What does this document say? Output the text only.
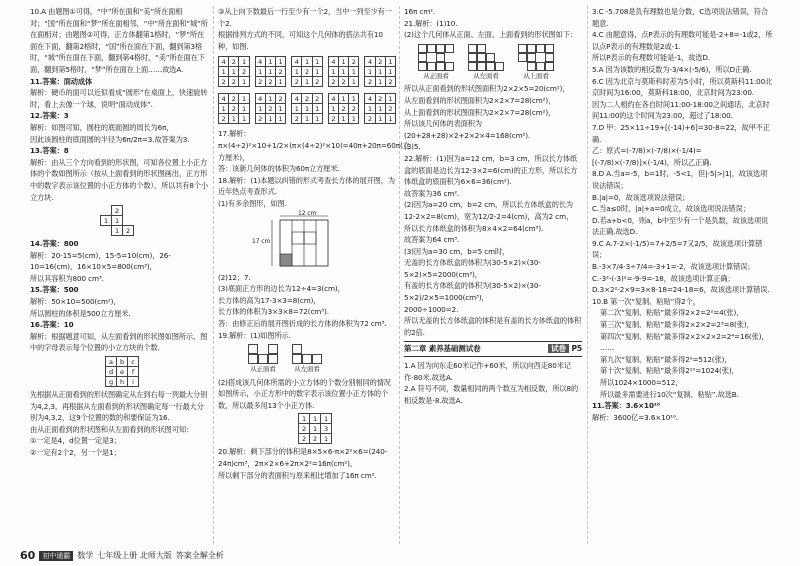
10.A 由题图①可得，“中”所在面和“美”所在面相对；“国”所在面和“梦”所在面相邻，“中”所在面和“城”所在面相对；由题图②可得，正方体翻第1格时，“梦”所在面在下面，翻第2格时，“国”所在面在下面，翻到第3格时，“城”所在面在下面，翻到第4格时，“美”所在面在下面，翻到第5格时，“梦”所在面在上面……故选A.

11.答案：面动成体

解析：硬币的面可以近似看成“圆形”在桌面上，快速旋转时，看上去像一个球，说明“面动成体”.

12.答案：3

解析：如图可知，圆柱的底面圆的周长为6π，

因此该圆柱的底面圆的半径为6π/2π=3.故答案为3.

13.答案：8

解析：由从三个方向看到的形状图，可知各位置上小正方体的个数如图所示（按从上面看到的形状图画出，正方形中的数字表示该位置的小正方体的个数），所以共有8个小立方块.

	2	
1	1	
	1	2

14.答案：800

解析：20-15=5(cm)，15-5=10(cm)，26-10=16(cm)，16×10×5=800(cm³)，

所以其容积为800 cm³.

15.答案：500

解析：50×10=500(cm²)，

所以圆柱的体积是500立方厘米.

16.答案：10

解析：根据题意可知，从左面看到的形状图如图所示，图中的字母表示每个位置的小立方块的个数.

a	b	c
d	e	f
g	h	i

先根据从正面看到的形状图确定从左到右每一列最大分别为4,2,3，再根据从左面看到的形状图确定每一行最大分别为4,3,2，这9个位置的数的和要保证为16.

由从正面看到的形状图和从左面看到的形状图可知：

①一定是4，d位置一定是3；

②一定有2个2，另一个是1；

③从上向下数最后一行至少有一个2，当中一列至少有一个2.

根据排列方式的不同，可知这个几何体的搭法共有10种，如图.

4	2	1
1	1	2
2	2	1
4	1	1
1	1	2
2	2	1
4	1	1
1	2	1
2	1	2
4	1	2
1	1	1
2	2	1
4	2	1
1	1	1
2	1	2
4	2	1
1	2	1
2	1	1
4	1	2
1	2	1
2	1	1
4	2	2
1	1	1
2	1	1
4	1	1
1	2	2
2	1	1
4	2	1
1	1	2
2	1	1

17.解析：π×(4÷2)²×10+1/2×(π×(4÷2)²×10)=40π+20π=60π(立方厘米)，

答：该新几何体的体积为60π立方厘米.

18.解析：(1)本题以纠错的形式考查长方体的展开图，为近年热点考查形式.

(1)有多余图形，如图.

12 cm
17 cm

(2)12；7.

(3)底面正方形的边长为12÷4=3(cm)，

长方体的高为17-3×3=8(cm)，

长方体的体积为3×3×8=72(cm³).

答：由修正后的展开图折成的长方体的体积为72 cm³.

19.解析：(1)如图所示.

从正面看	从左面看

(2)搭成该几何体所需的小立方体的个数分别相同的情况如图所示，小正方形中的数字表示该位置小正方体的个数，所以最多用13个小正方体.

1	1	1
2	1	3
2	2	1

20.解析：剩下部分的体积是8×5×6-π×2²×6=(240-24π)cm³，2π×2×6+2π×2²=16π(cm²)，

所以剩下部分的表面积与原来相比增加了16π cm².

16π cm².

21.解析：(1)10.

(2)这个几何体从正面、左面、上面看到的形状图如下：

从正面看	从左面看	从上面看

所以从正面看到的形状图面积为2×2×5=20(cm²)，

从左面看到的形状图面积为2×2×7=28(cm²)，

从上面看到的形状图面积为2×2×7=28(cm²)，

所以该几何体的表面积为(20+28+28)×2+2×2×4=168(cm²).

(3)5.

22.解析：(1)因为a=12 cm，b=3 cm，所以长方体纸盒的底面是边长为12-3×2=6(cm)的正方形，所以长方体纸盒的底面积为6×6=36(cm²).

故答案为36 cm².

(2)因为a=20 cm，b=2 cm，所以长方体纸盒的长为12-2×2=8(cm)，宽为12/2-2=4(cm)，高为2 cm，

所以长方体纸盒的体积为8×4×2=64(cm³).

故答案为64 cm³.

(3)因为a=30 cm，b=5 cm时，

无盖的长方体纸盒的体积为(30-5×2)×(30-5×2)×5=2000(cm³)，

有盖的长方体纸盒的体积为(30-5×2)×(30-5×2)/2×5=1000(cm³)，

2000÷1000=2.

所以无盖的长方体纸盒的体积是有盖的长方体纸盒的体积的2倍.

第二章 素养基础测试卷	试卷 P5

1.A 因为向东走60米记作+60米，所以向西走80米记作-80米.故选A.

2.A 符号不同，数量相同的两个数互为相反数，所以8的相反数是-8.故选A.

3.C -5.708是负有理数也是分数，C选项说法错误，符合题意.

4.C 由题意得，点P表示的有理数可能是-2+8=-1或2，所以点P表示的有理数是2或-1.

所以P表示的有理数可能是-1，故选D.

5.A 因为该数的相反数为-3/4×(-5/6)，所以D正确.

6.C 因为北京与莫斯科时差为5小时，所以莫斯科11:00北京时间为16:00，莫斯科18:00，北京时间为23:00.

因为二人相约在各自时间11:00-18:00之间通话，北京时间11:00的这个时间为23:00，超过了18:00.

7.D 甲：25×11÷19+[(-14)+6]=30-8=22，故甲不正确.

乙：原式=(-7/8)×(-7/8)×(-1/4)=[(-7/8)×(-7/8)]×(-1/4)，所以乙正确.

8.D A.当a=-5，b=1时，-5<1，但|-5|>|1|，故该选项说法错误；

B.|a|=0，故该选项说法错误；

C.当a≤0时，|a|+a=0成立，故该选项说法错误；

D.若a+b<0，则a，b中至少有一个是负数，故该选项说法正确.故选D.

9.C A.7-2×(-1/5)=7+2/5=7又2/5，故该选项计算错误；

B.-3×7/4-3÷7/4=-3+1=-2，故该选项计算错误；

C.-3²-(-3)²=-9-9=-18，故该选项计算正确；

D.3×2²-2×9=3×8-18=24-18=6，故该选项计算错误.

10.B 第一次“复制、粘贴”得2个，

第二次“复制、粘贴”最多得2×2=2²=4(张)，

第三次“复制、粘贴”最多得2×2×2=2³=8(张)，

第四次“复制、粘贴”最多得2×2×2×2=2⁴=16(张)，

……

第九次“复制、粘贴”最多得2⁹=512(张)，

第十次“复制、粘贴”最多得2¹⁰=1024(张)，

所以1024×1000=512，

所以最多需要进行10次“复制、粘贴”.故选B.

11.答案：3.6×10¹⁰

解析：3600亿=3.6×10¹⁰.

60	初中通霸 数学 七年级上册 北师大版 答案全解全析
